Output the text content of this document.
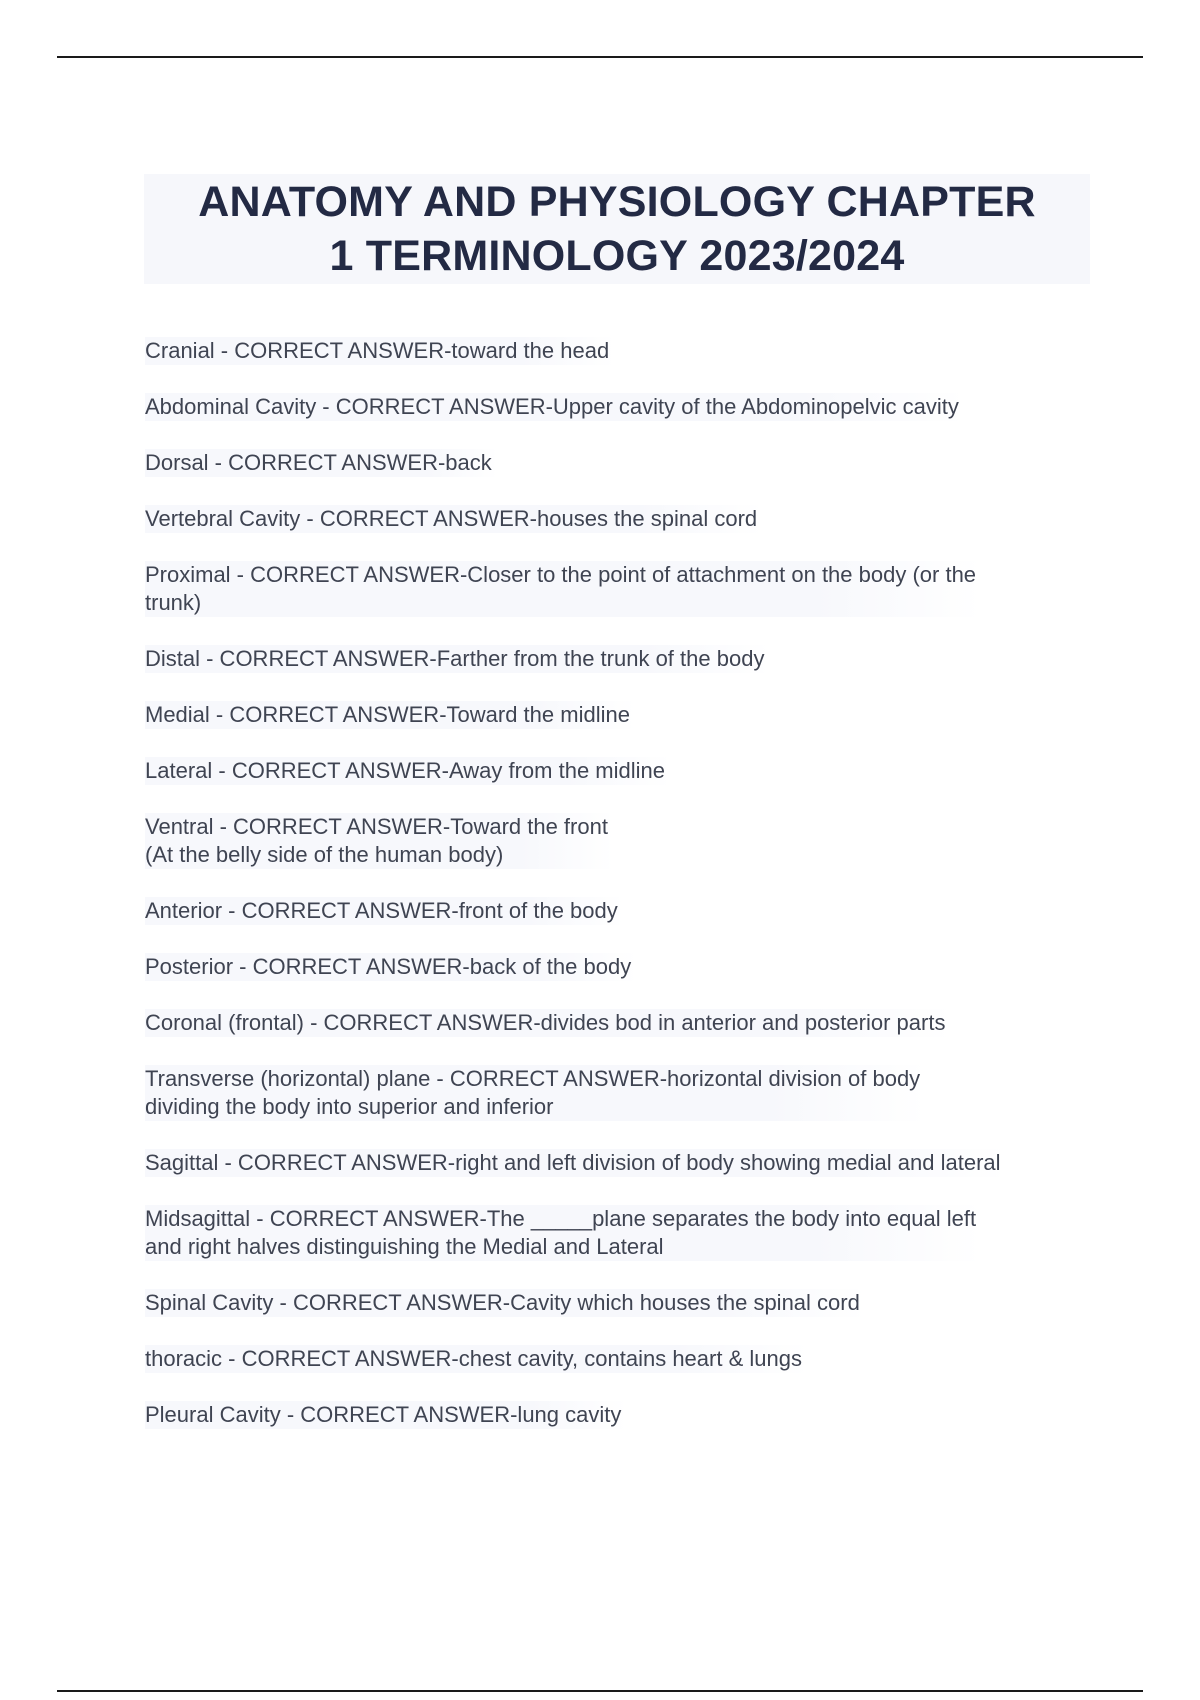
ANATOMY AND PHYSIOLOGY CHAPTER
1 TERMINOLOGY 2023/2024
Cranial - CORRECT ANSWER-toward the head
Abdominal Cavity - CORRECT ANSWER-Upper cavity of the Abdominopelvic cavity
Dorsal - CORRECT ANSWER-back
Vertebral Cavity - CORRECT ANSWER-houses the spinal cord
Proximal - CORRECT ANSWER-Closer to the point of attachment on the body (or the
trunk)
Distal - CORRECT ANSWER-Farther from the trunk of the body
Medial - CORRECT ANSWER-Toward the midline
Lateral - CORRECT ANSWER-Away from the midline
Ventral - CORRECT ANSWER-Toward the front
(At the belly side of the human body)
Anterior - CORRECT ANSWER-front of the body
Posterior - CORRECT ANSWER-back of the body
Coronal (frontal) - CORRECT ANSWER-divides bod in anterior and posterior parts
Transverse (horizontal) plane - CORRECT ANSWER-horizontal division of body
dividing the body into superior and inferior
Sagittal - CORRECT ANSWER-right and left division of body showing medial and lateral
Midsagittal - CORRECT ANSWER-The _____plane separates the body into equal left
and right halves distinguishing the Medial and Lateral
Spinal Cavity - CORRECT ANSWER-Cavity which houses the spinal cord
thoracic - CORRECT ANSWER-chest cavity, contains heart & lungs
Pleural Cavity - CORRECT ANSWER-lung cavity
